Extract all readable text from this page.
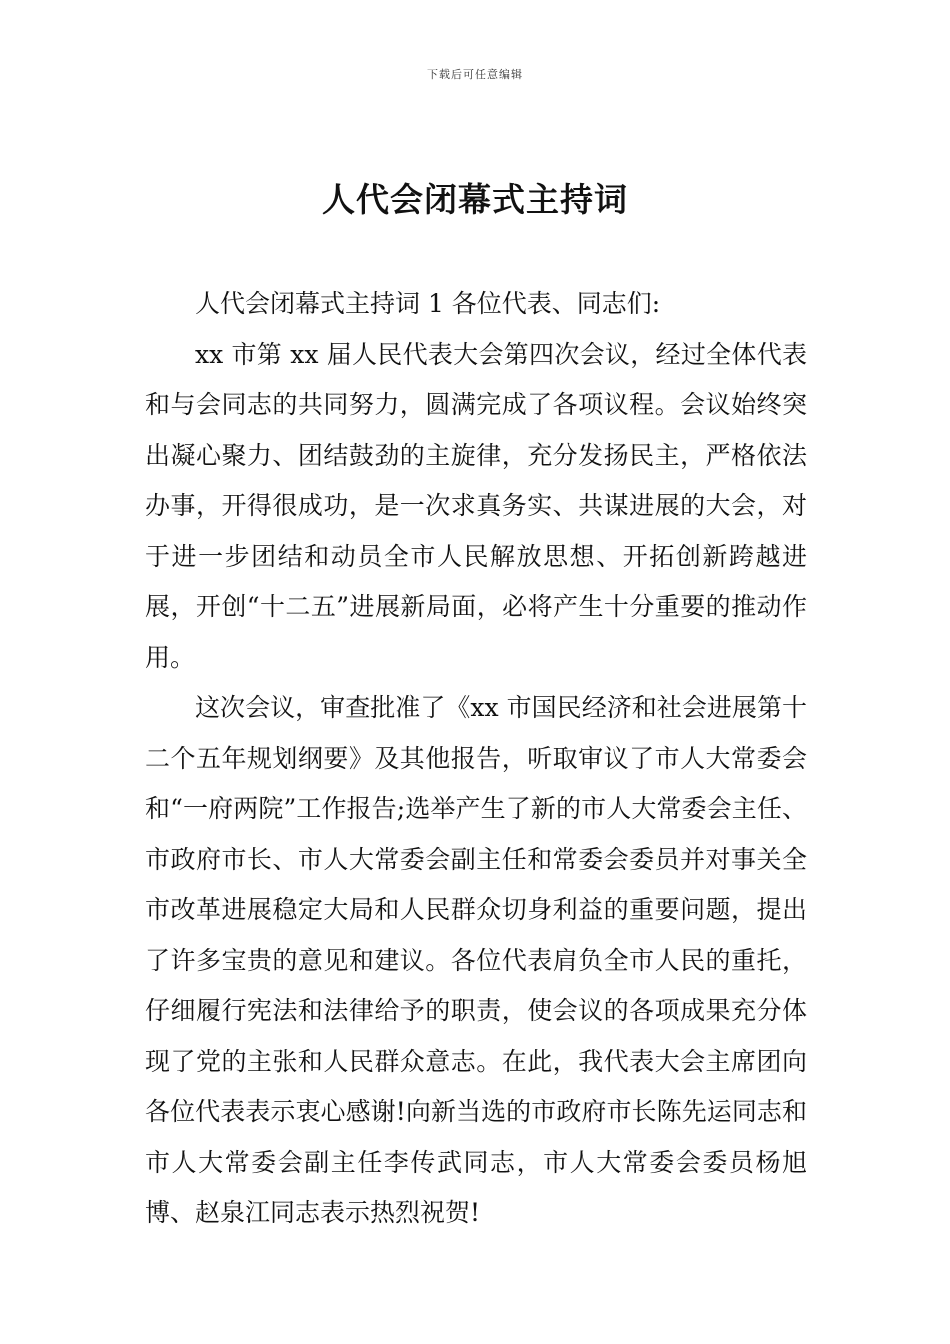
下载后可任意编辑
人代会闭幕式主持词

人代会闭幕式主持词 1 各位代表、同志们:

xx 市第 xx 届人民代表大会第四次会议，经过全体代表和与会同志的共同努力，圆满完成了各项议程。会议始终突出凝心聚力、团结鼓劲的主旋律，充分发扬民主，严格依法办事，开得很成功，是一次求真务实、共谋进展的大会，对于进一步团结和动员全市人民解放思想、开拓创新跨越进展，开创“十二五”进展新局面，必将产生十分重要的推动作用。

这次会议，审查批准了《xx 市国民经济和社会进展第十二个五年规划纲要》及其他报告，听取审议了市人大常委会和“一府两院”工作报告;选举产生了新的市人大常委会主任、市政府市长、市人大常委会副主任和常委会委员并对事关全市改革进展稳定大局和人民群众切身利益的重要问题，提出了许多宝贵的意见和建议。各位代表肩负全市人民的重托，仔细履行宪法和法律给予的职责，使会议的各项成果充分体现了党的主张和人民群众意志。在此，我代表大会主席团向各位代表表示衷心感谢!向新当选的市政府市长陈先运同志和市人大常委会副主任李传武同志，市人大常委会委员杨旭博、赵泉江同志表示热烈祝贺!
